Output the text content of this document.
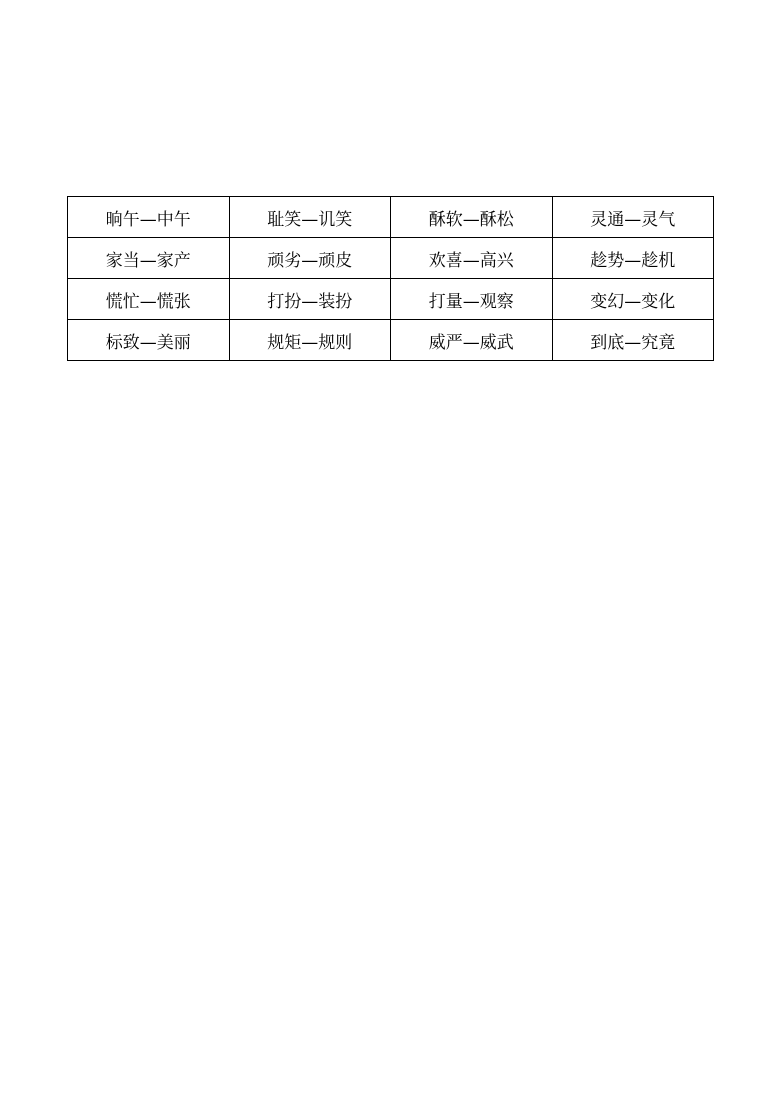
晌午—中午	耻笑—讥笑	酥软—酥松	灵通—灵气
家当—家产	顽劣—顽皮	欢喜—高兴	趁势—趁机
慌忙—慌张	打扮—装扮	打量—观察	变幻—变化
标致—美丽	规矩—规则	威严—威武	到底—究竟
